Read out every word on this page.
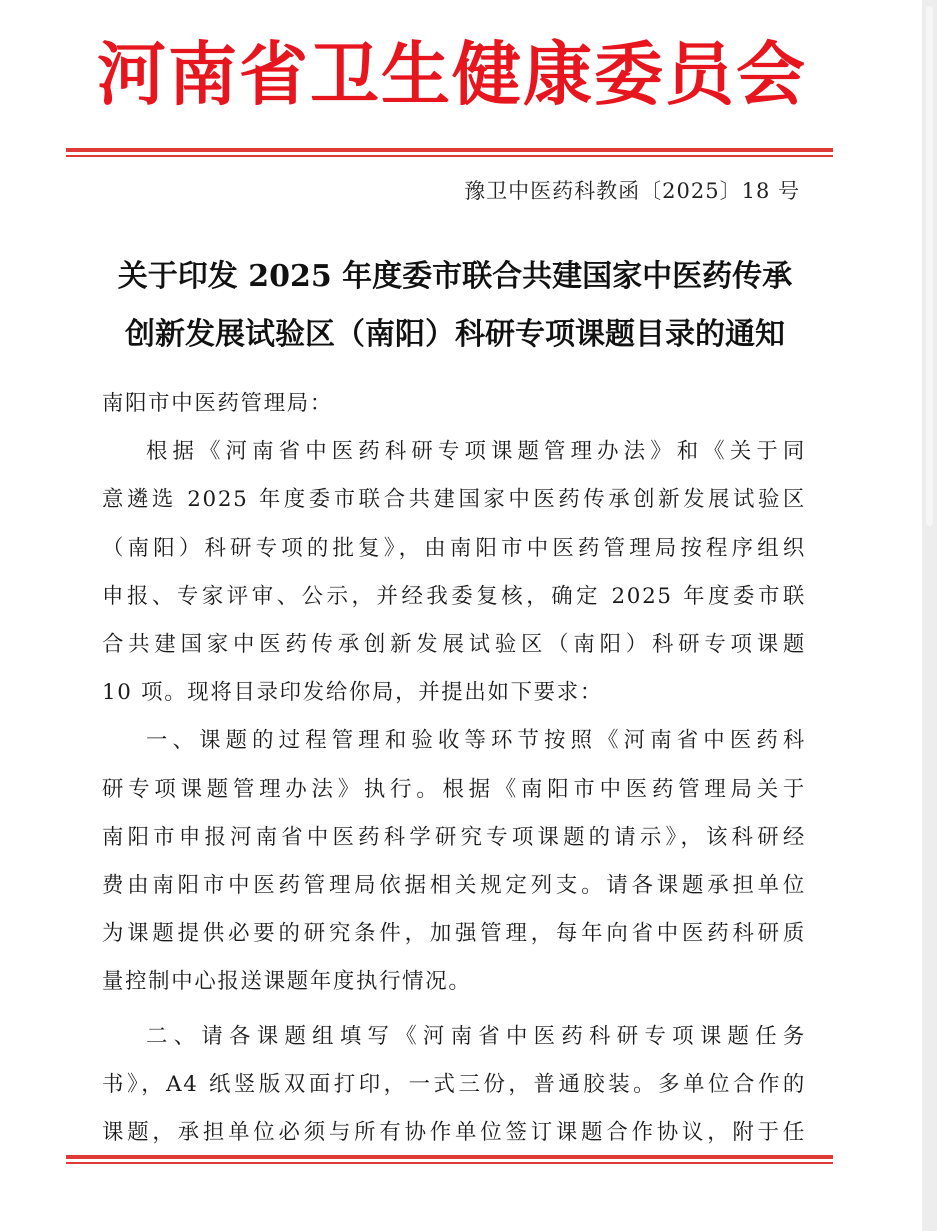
河南省卫生健康委员会
豫卫中医药科教函〔2025〕18 号
关于印发 2025 年度委市联合共建国家中医药传承
创新发展试验区（南阳）科研专项课题目录的通知

南阳市中医药管理局：

根据《河南省中医药科研专项课题管理办法》和《关于同
意遴选 2025 年度委市联合共建国家中医药传承创新发展试验区
（南阳）科研专项的批复》，由南阳市中医药管理局按程序组织
申报、专家评审、公示，并经我委复核，确定 2025 年度委市联
合共建国家中医药传承创新发展试验区（南阳）科研专项课题
10 项。现将目录印发给你局，并提出如下要求：

一、课题的过程管理和验收等环节按照《河南省中医药科
研专项课题管理办法》执行。根据《南阳市中医药管理局关于
南阳市申报河南省中医药科学研究专项课题的请示》，该科研经
费由南阳市中医药管理局依据相关规定列支。请各课题承担单位
为课题提供必要的研究条件，加强管理，每年向省中医药科研质
量控制中心报送课题年度执行情况。

二、请各课题组填写《河南省中医药科研专项课题任务
书》，A4 纸竖版双面打印，一式三份，普通胶装。多单位合作的
课题，承担单位必须与所有协作单位签订课题合作协议，附于任
